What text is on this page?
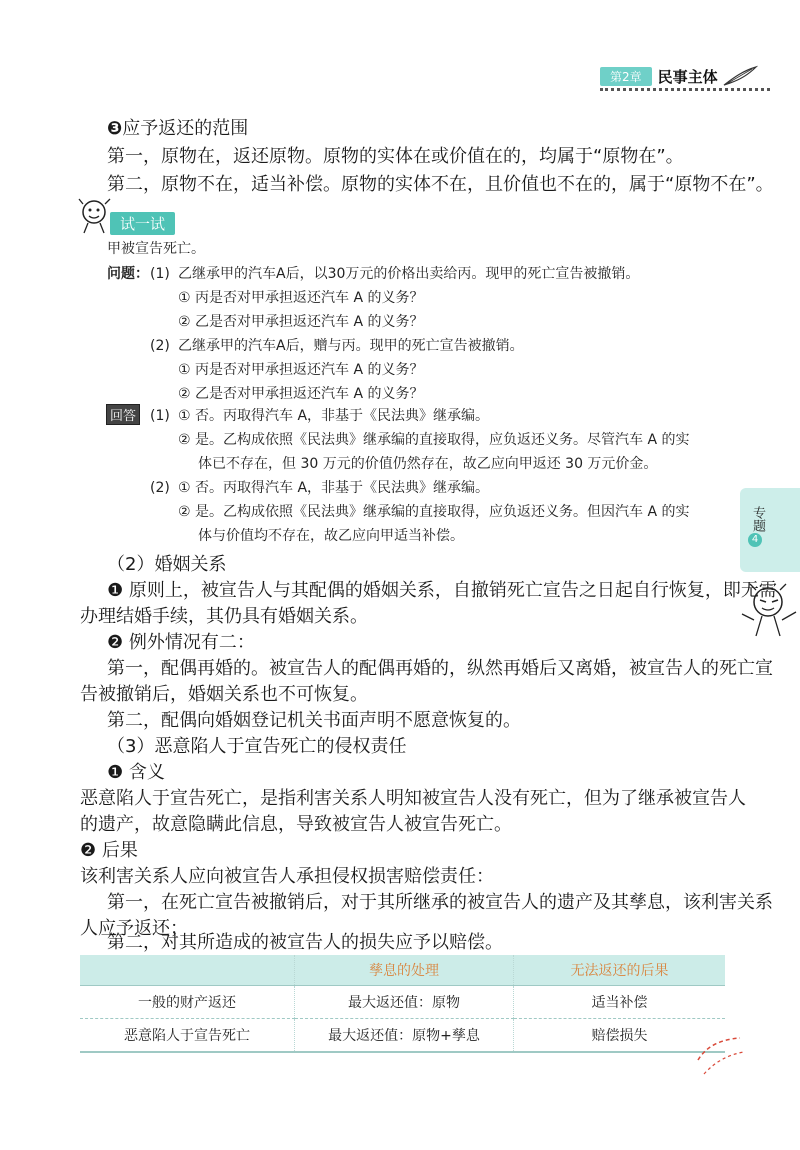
第2章	民事主体
❸应予返还的范围
第一，原物在，返还原物。原物的实体在或价值在的，均属于“原物在”。
第二，原物不在，适当补偿。原物的实体不在，且价值也不在的，属于“原物不在”。
试一试
甲被宣告死亡。
问题： (1) 乙继承甲的汽车A后，以30万元的价格出卖给丙。现甲的死亡宣告被撤销。
① 丙是否对甲承担返还汽车 A 的义务？
② 乙是否对甲承担返还汽车 A 的义务？
(2) 乙继承甲的汽车A后，赠与丙。现甲的死亡宣告被撤销。
① 丙是否对甲承担返还汽车 A 的义务？
② 乙是否对甲承担返还汽车 A 的义务？
回答 (1) ① 否。丙取得汽车 A，非基于《民法典》继承编。
② 是。乙构成依照《民法典》继承编的直接取得，应负返还义务。尽管汽车 A 的实
体已不存在，但 30 万元的价值仍然存在，故乙应向甲返还 30 万元价金。
(2) ① 否。丙取得汽车 A，非基于《民法典》继承编。
② 是。乙构成依照《民法典》继承编的直接取得，应负返还义务。但因汽车 A 的实
体与价值均不存在，故乙应向甲适当补偿。
（2）婚姻关系
❶ 原则上，被宣告人与其配偶的婚姻关系，自撤销死亡宣告之日起自行恢复，即无需
办理结婚手续，其仍具有婚姻关系。
❷ 例外情况有二：
第一，配偶再婚的。被宣告人的配偶再婚的，纵然再婚后又离婚，被宣告人的死亡宣
告被撤销后，婚姻关系也不可恢复。
第二，配偶向婚姻登记机关书面声明不愿意恢复的。
（3）恶意陷人于宣告死亡的侵权责任
❶ 含义
恶意陷人于宣告死亡，是指利害关系人明知被宣告人没有死亡，但为了继承被宣告人
的遗产，故意隐瞒此信息，导致被宣告人被宣告死亡。
❷ 后果
该利害关系人应向被宣告人承担侵权损害赔偿责任：
第一，在死亡宣告被撤销后，对于其所继承的被宣告人的遗产及其孳息，该利害关系
人应予返还；
第二，对其所造成的被宣告人的损失应予以赔偿。
	孳息的处理	无法返还的后果
一般的财产返还	最大返还值：原物	适当补偿
恶意陷人于宣告死亡	最大返还值：原物+孳息	赔偿损失
专题
4
